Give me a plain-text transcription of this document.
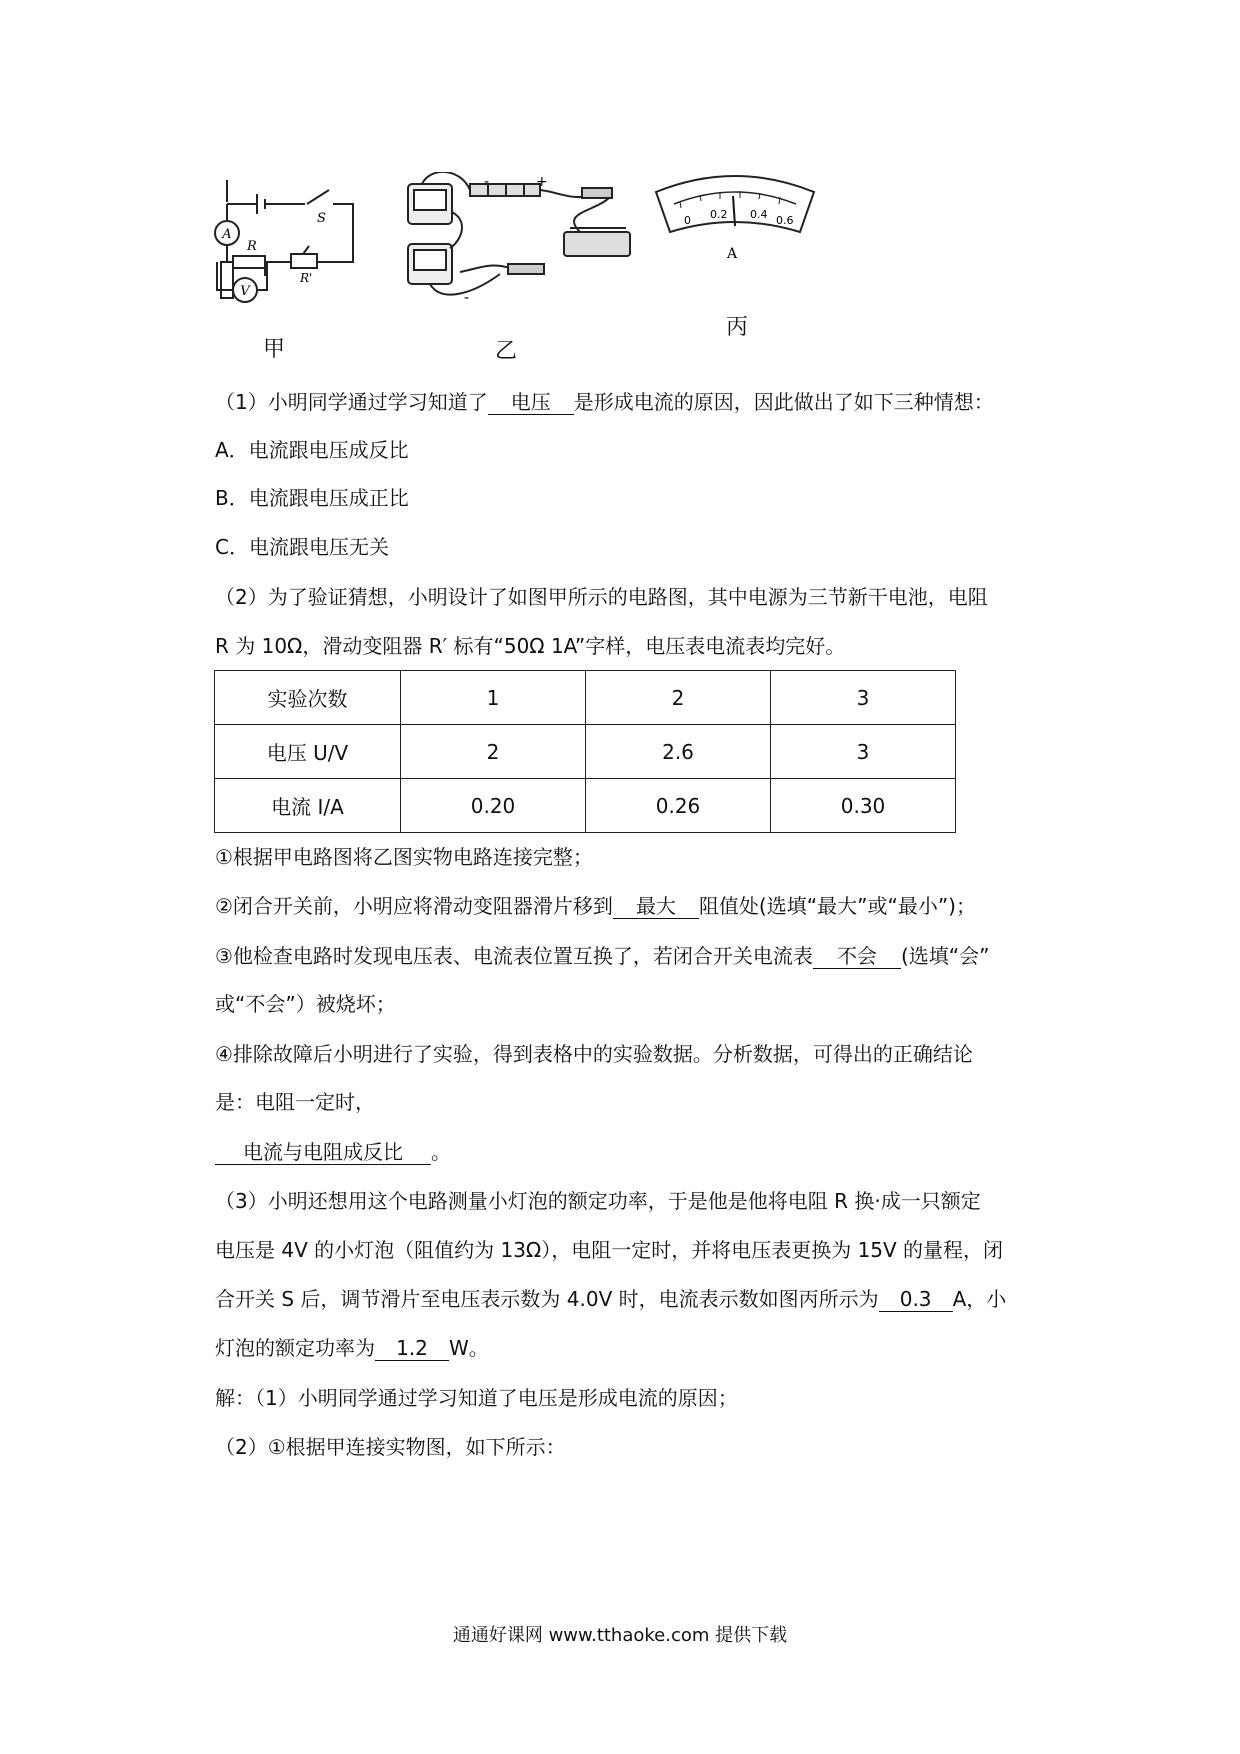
A
V
R
R'
S
-	+
-
0 0.2 0.4 0.6
A
甲	乙
丙
（1）小明同学通过学习知道了 电压 是形成电流的原因，因此做出了如下三种情想：
A．电流跟电压成反比
B．电流跟电压成正比
C．电流跟电压无关
（2）为了验证猜想，小明设计了如图甲所示的电路图，其中电源为三节新干电池，电阻
R 为 10Ω，滑动变阻器 R′ 标有“50Ω 1A”字样，电压表电流表均完好。
实验次数	1	2	3
电压 U/V	2	2.6	3
电流 I/A	0.20	0.26	0.30
①根据甲电路图将乙图实物电路连接完整；
②闭合开关前，小明应将滑动变阻器滑片移到 最大 阻值处(选填“最大”或“最小”)；
③他检查电路时发现电压表、电流表位置互换了，若闭合开关电流表 不会 (选填“会”
或“不会”）被烧坏；
④排除故障后小明进行了实验，得到表格中的实验数据。分析数据，可得出的正确结论
是：电阻一定时，
电流与电阻成反比 。
（3）小明还想用这个电路测量小灯泡的额定功率，于是他是他将电阻 R 换·成一只额定
电压是 4V 的小灯泡（阻值约为 13Ω），电阻一定时，并将电压表更换为 15V 的量程，闭
合开关 S 后，调节滑片至电压表示数为 4.0V 时，电流表示数如图丙所示为 0.3 A，小
灯泡的额定功率为 1.2 W。
解：（1）小明同学通过学习知道了电压是形成电流的原因；
（2）①根据甲连接实物图，如下所示：
通通好课网 www.tthaoke.com 提供下载
